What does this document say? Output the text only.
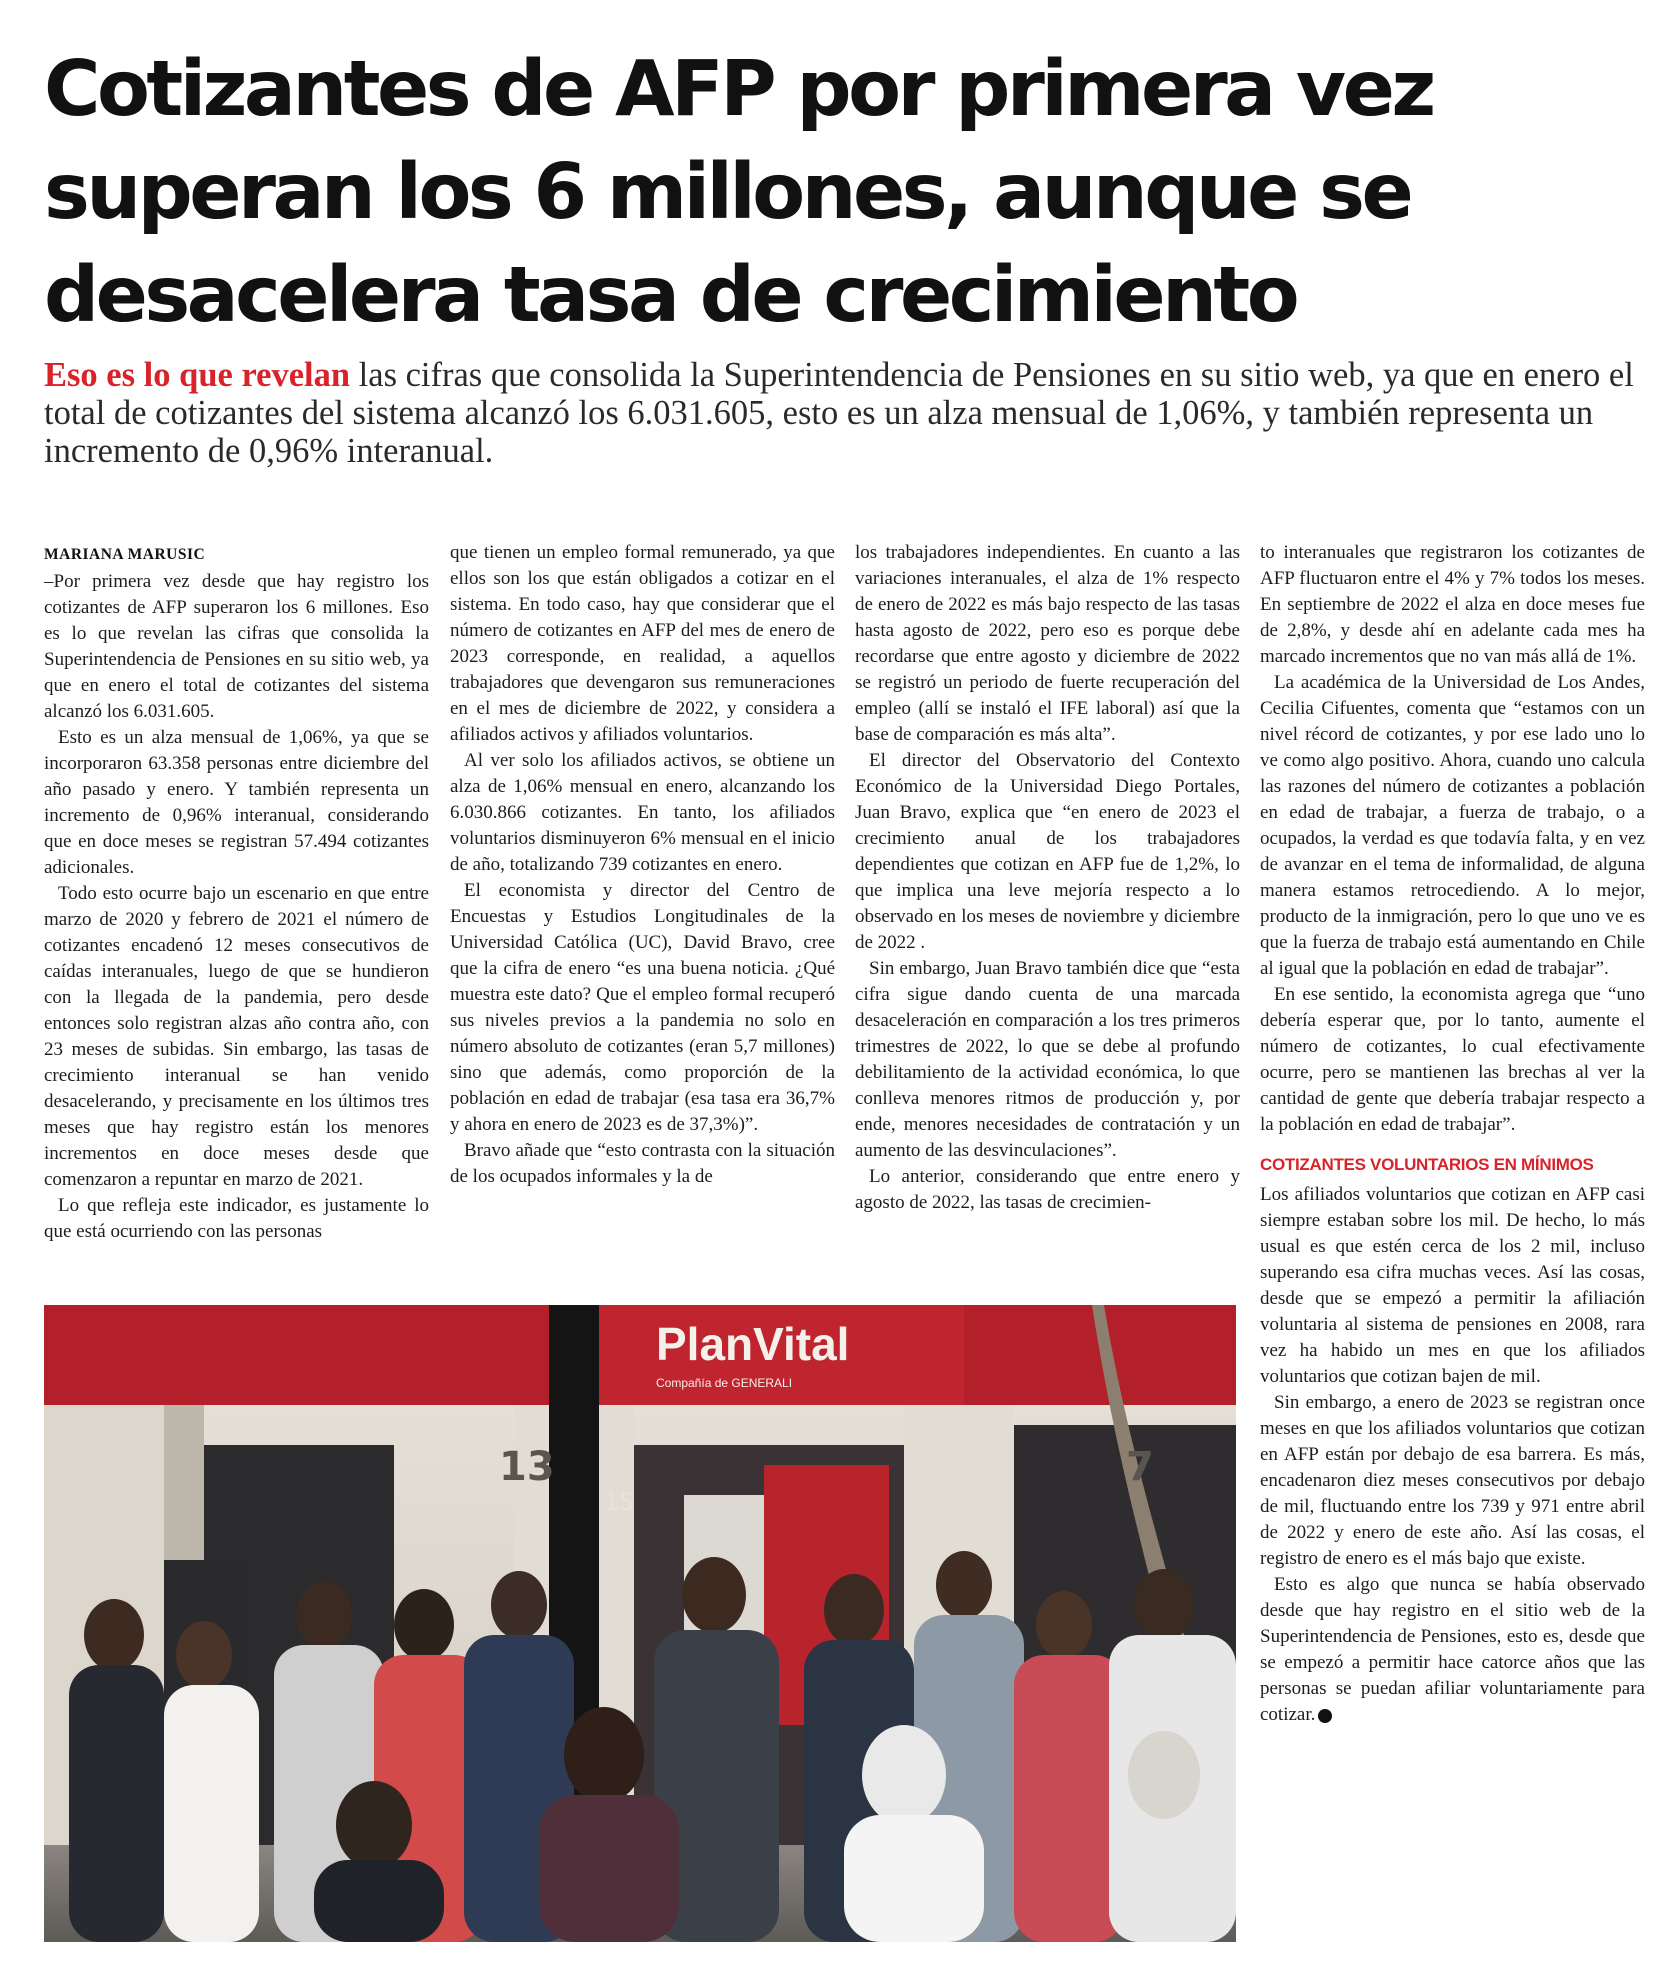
Cotizantes de AFP por primera vez
superan los 6 millones, aunque se
desacelera tasa de crecimiento

Eso es lo que revelan las cifras que consolida la Superintendencia de Pensiones en su sitio web, ya que en enero el total de cotizantes del sistema alcanzó los 6.031.605, esto es un alza mensual de 1,06%, y también representa un incremento de 0,96% interanual.

MARIANA MARUSIC

–Por primera vez desde que hay registro los cotizantes de AFP superaron los 6 millones. Eso es lo que revelan las cifras que consolida la Superintendencia de Pensiones en su sitio web, ya que en enero el total de cotizantes del sistema alcanzó los 6.031.605.

Esto es un alza mensual de 1,06%, ya que se incorporaron 63.358 personas entre diciembre del año pasado y enero. Y también representa un incremento de 0,96% interanual, considerando que en doce meses se registran 57.494 cotizantes adicionales.

Todo esto ocurre bajo un escenario en que entre marzo de 2020 y febrero de 2021 el número de cotizantes encadenó 12 meses consecutivos de caídas interanuales, luego de que se hundieron con la llegada de la pandemia, pero desde entonces solo registran alzas año contra año, con 23 meses de subidas. Sin embargo, las tasas de crecimiento interanual se han venido desacelerando, y precisamente en los últimos tres meses que hay registro están los menores incrementos en doce meses desde que comenzaron a repuntar en marzo de 2021.

Lo que refleja este indicador, es justamente lo que está ocurriendo con las personas

que tienen un empleo formal remunerado, ya que ellos son los que están obligados a cotizar en el sistema. En todo caso, hay que considerar que el número de cotizantes en AFP del mes de enero de 2023 corresponde, en realidad, a aquellos trabajadores que devengaron sus remuneraciones en el mes de diciembre de 2022, y considera a afiliados activos y afiliados voluntarios.

Al ver solo los afiliados activos, se obtiene un alza de 1,06% mensual en enero, alcanzando los 6.030.866 cotizantes. En tanto, los afiliados voluntarios disminuyeron 6% mensual en el inicio de año, totalizando 739 cotizantes en enero.

El economista y director del Centro de Encuestas y Estudios Longitudinales de la Universidad Católica (UC), David Bravo, cree que la cifra de enero “es una buena noticia. ¿Qué muestra este dato? Que el empleo formal recuperó sus niveles previos a la pandemia no solo en número absoluto de cotizantes (eran 5,7 millones) sino que además, como proporción de la población en edad de trabajar (esa tasa era 36,7% y ahora en enero de 2023 es de 37,3%)”.

Bravo añade que “esto contrasta con la situación de los ocupados informales y la de

los trabajadores independientes. En cuanto a las variaciones interanuales, el alza de 1% respecto de enero de 2022 es más bajo respecto de las tasas hasta agosto de 2022, pero eso es porque debe recordarse que entre agosto y diciembre de 2022 se registró un periodo de fuerte recuperación del empleo (allí se instaló el IFE laboral) así que la base de comparación es más alta”.

El director del Observatorio del Contexto Económico de la Universidad Diego Portales, Juan Bravo, explica que “en enero de 2023 el crecimiento anual de los trabajadores dependientes que cotizan en AFP fue de 1,2%, lo que implica una leve mejoría respecto a lo observado en los meses de noviembre y diciembre de 2022 .

Sin embargo, Juan Bravo también dice que “esta cifra sigue dando cuenta de una marcada desaceleración en comparación a los tres primeros trimestres de 2022, lo que se debe al profundo debilitamiento de la actividad económica, lo que conlleva menores ritmos de producción y, por ende, menores necesidades de contratación y un aumento de las desvinculaciones”.

Lo anterior, considerando que entre enero y agosto de 2022, las tasas de crecimien-

to interanuales que registraron los cotizantes de AFP fluctuaron entre el 4% y 7% todos los meses. En septiembre de 2022 el alza en doce meses fue de 2,8%, y desde ahí en adelante cada mes ha marcado incrementos que no van más allá de 1%.

La académica de la Universidad de Los Andes, Cecilia Cifuentes, comenta que “estamos con un nivel récord de cotizantes, y por ese lado uno lo ve como algo positivo. Ahora, cuando uno calcula las razones del número de cotizantes a población en edad de trabajar, a fuerza de trabajo, o a ocupados, la verdad es que todavía falta, y en vez de avanzar en el tema de informalidad, de alguna manera estamos retrocediendo. A lo mejor, producto de la inmigración, pero lo que uno ve es que la fuerza de trabajo está aumentando en Chile al igual que la población en edad de trabajar”.

En ese sentido, la economista agrega que “uno debería esperar que, por lo tanto, aumente el número de cotizantes, lo cual efectivamente ocurre, pero se mantienen las brechas al ver la cantidad de gente que debería trabajar respecto a la población en edad de trabajar”.

COTIZANTES VOLUNTARIOS EN MÍNIMOS

Los afiliados voluntarios que cotizan en AFP casi siempre estaban sobre los mil. De hecho, lo más usual es que estén cerca de los 2 mil, incluso superando esa cifra muchas veces. Así las cosas, desde que se empezó a permitir la afiliación voluntaria al sistema de pensiones en 2008, rara vez ha habido un mes en que los afiliados voluntarios que cotizan bajen de mil.

Sin embargo, a enero de 2023 se registran once meses en que los afiliados voluntarios que cotizan en AFP están por debajo de esa barrera. Es más, encadenaron diez meses consecutivos por debajo de mil, fluctuando entre los 739 y 971 entre abril de 2022 y enero de este año. Así las cosas, el registro de enero es el más bajo que existe.

Esto es algo que nunca se había observado desde que hay registro en el sitio web de la Superintendencia de Pensiones, esto es, desde que se empezó a permitir hace catorce años que las personas se puedan afiliar voluntariamente para cotizar. P

PlanVital
Compañía de GENERALI
13
15
7
